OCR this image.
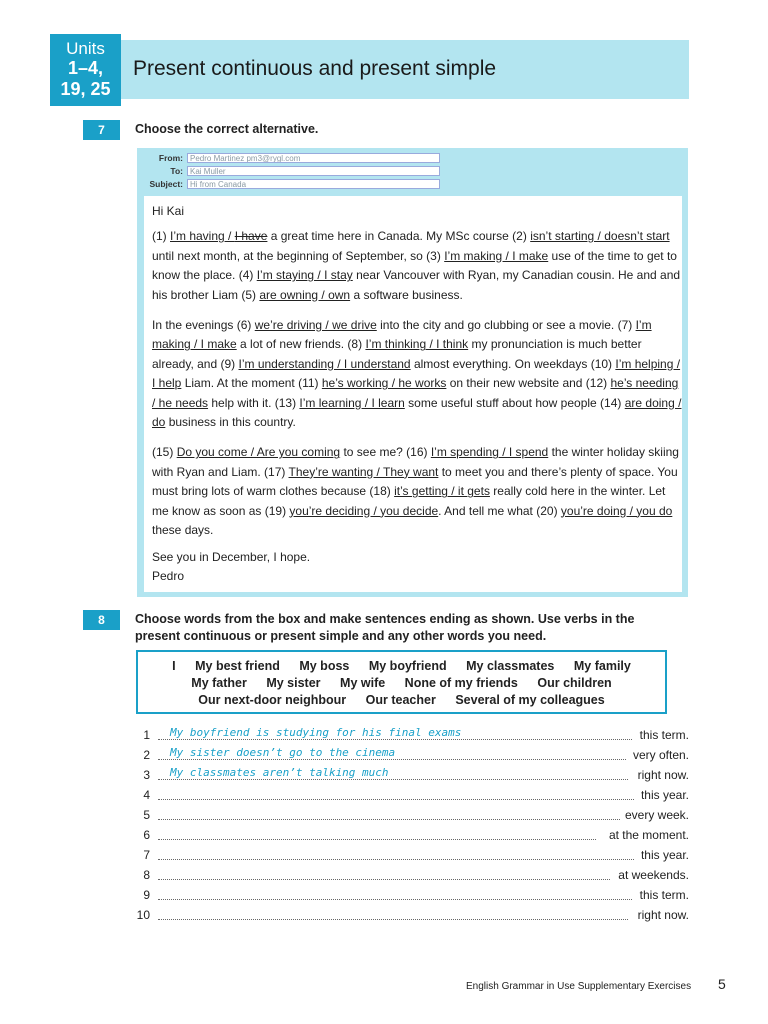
Units
1–4,
19, 25
Present continuous and present simple
7	Choose the correct alternative.
From: Pedro Martinez pm3@rygl.com
To: Kai Muller
Subject: Hi from Canada

Hi Kai

(1) I’m having / I have a great time here in Canada. My MSc course (2) isn’t starting / doesn’t start until next month, at the beginning of September, so (3) I’m making / I make use of the time to get to know the place. (4) I’m staying / I stay near Vancouver with Ryan, my Canadian cousin. He and and his brother Liam (5) are owning / own a software business.

In the evenings (6) we’re driving / we drive into the city and go clubbing or see a movie. (7) I’m making / I make a lot of new friends. (8) I’m thinking / I think my pronunciation is much better already, and (9) I’m understanding / I understand almost everything. On weekdays (10) I’m helping / I help Liam. At the moment (11) he’s working / he works on their new website and (12) he’s needing / he needs help with it. (13) I’m learning / I learn some useful stuff about how people (14) are doing / do business in this country.

(15) Do you come / Are you coming to see me? (16) I’m spending / I spend the winter holiday skiing with Ryan and Liam. (17) They’re wanting / They want to meet you and there’s plenty of space. You must bring lots of warm clothes because (18) it’s getting / it gets really cold here in the winter. Let me know as soon as (19) you’re deciding / you decide. And tell me what (20) you’re doing / you do these days.

See you in December, I hope.

Pedro

8	Choose words from the box and make sentences ending as shown. Use verbs in the
present continuous or present simple and any other words you need.
I My best friend My boss My boyfriend My classmates My family
My father My sister My wife None of my friends Our children
Our next-door neighbour Our teacher Several of my colleagues
1 My boyfriend is studying for his final exams	this term.
2 My sister doesn’t go to the cinema	very often.
3 My classmates aren’t talking much	right now.
4	this year.
5	every week.
6	at the moment.
7	this year.
8	at weekends.
9	this term.
10	right now.
English Grammar in Use Supplementary Exercises 5
